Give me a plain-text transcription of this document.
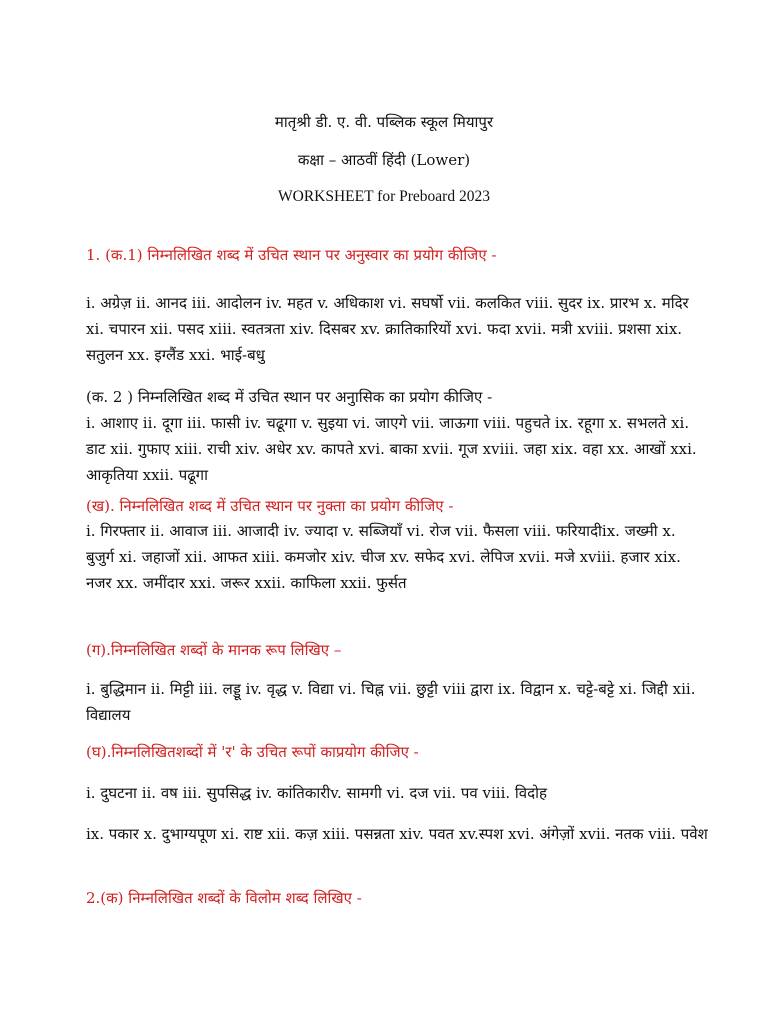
मातृश्री डी. ए. वी. पब्लिक स्कूल मियापुर
कक्षा – आठवीं हिंदी (Lower)
WORKSHEET for Preboard 2023
1. (क.1) निम्नलिखित शब्द में उचित स्थान पर अनुस्वार का प्रयोग कीजिए -
i. अग्रेज़ ii. आनद iii. आदोलन iv. महत v. अधिकाश vi. सघर्षो vii. कलकित viii. सुदर ix. प्रारभ x. मदिर xi. चपारन xii. पसद xiii. स्वतत्रता xiv. दिसबर xv. क्रातिकारियों xvi. फदा xvii. मत्री xviii. प्रशसा xix. सतुलन xx. इग्लैंड xxi. भाई-बधु
(क. 2 ) निम्नलिखित शब्द में उचित स्थान पर अनुासिक का प्रयोग कीजिए -
i. आशाए ii. दूगा iii. फासी iv. चढूगा v. सुइया vi. जाएगे vii. जाऊगा viii. पहुचते ix. रहूगा x. सभलते xi. डाट xii. गुफाए xiii. राची xiv. अधेर xv. कापते xvi. बाका xvii. गूज xviii. जहा xix. वहा xx. आखों xxi. आकृतिया xxii. पढूगा
(ख). निम्नलिखित शब्द में उचित स्थान पर नुक्ता का प्रयोग कीजिए -
i. गिरफ्तार ii. आवाज iii. आजादी iv. ज्यादा v. सब्जियाँ vi. रोज vii. फैसला viii. फरियादीix. जख्मी x. बुजुर्ग xi. जहाजों xii. आफत xiii. कमजोर xiv. चीज xv. सफेद xvi. लेपिज xvii. मजे xviii. हजार xix. नजर xx. जमींदार xxi. जरूर xxii. काफिला xxii. फुर्सत
(ग).निम्नलिखित शब्दों के मानक रूप लिखिए –
i. बुद्धिमान ii. मिट्टी iii. लड्डू iv. वृद्ध v. विद्या vi. चिह्न vii. छुट्टी viii द्वारा ix. विद्वान x. चट्टे-बट्टे xi. जिद्दी xii. विद्यालय
(घ).निम्नलिखितशब्दों में 'र' के उचित रूपों काप्रयोग कीजिए -
i. दुघटना ii. वष iii. सुपसिद्ध iv. कांतिकारीv. सामगी vi. दज vii. पव viii. विदोह
ix. पकार x. दुभाग्यपूण xi. राष्ट xii. कज़ xiii. पसन्नता xiv. पवत xv.स्पश xvi. अंगेज़ों xvii. नतक viii. पवेश
2.(क) निम्नलिखित शब्दों के विलोम शब्द लिखिए -
